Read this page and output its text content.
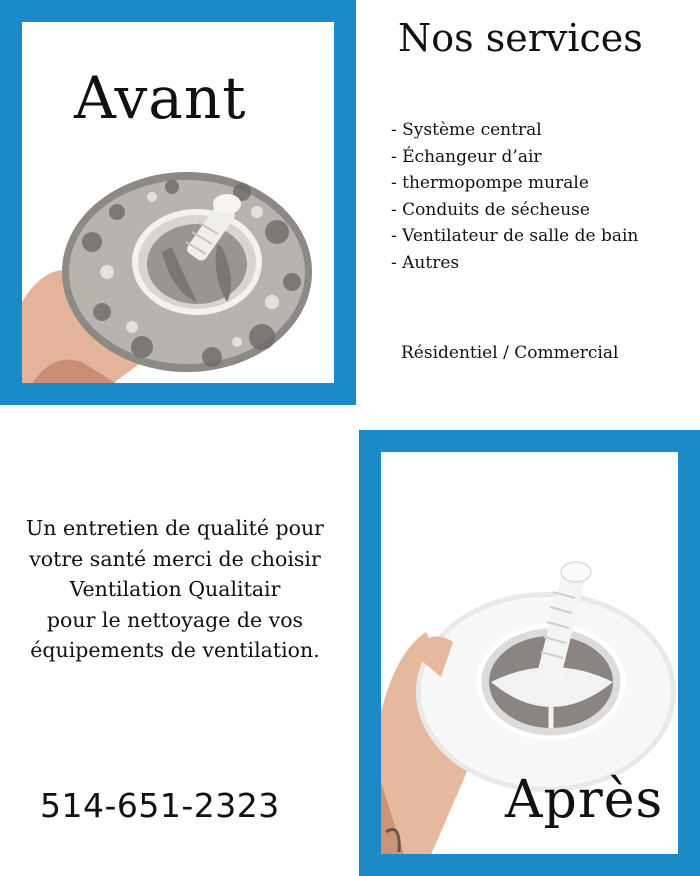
Avant
Nos services
- Système central
- Échangeur d’air
- thermopompe murale
- Conduits de sécheuse
- Ventilateur de salle de bain
- Autres
Résidentiel / Commercial
Un entretien de qualité pour
votre santé merci de choisir
Ventilation Qualitair
pour le nettoyage de vos
équipements de ventilation.
514-651-2323	Après
